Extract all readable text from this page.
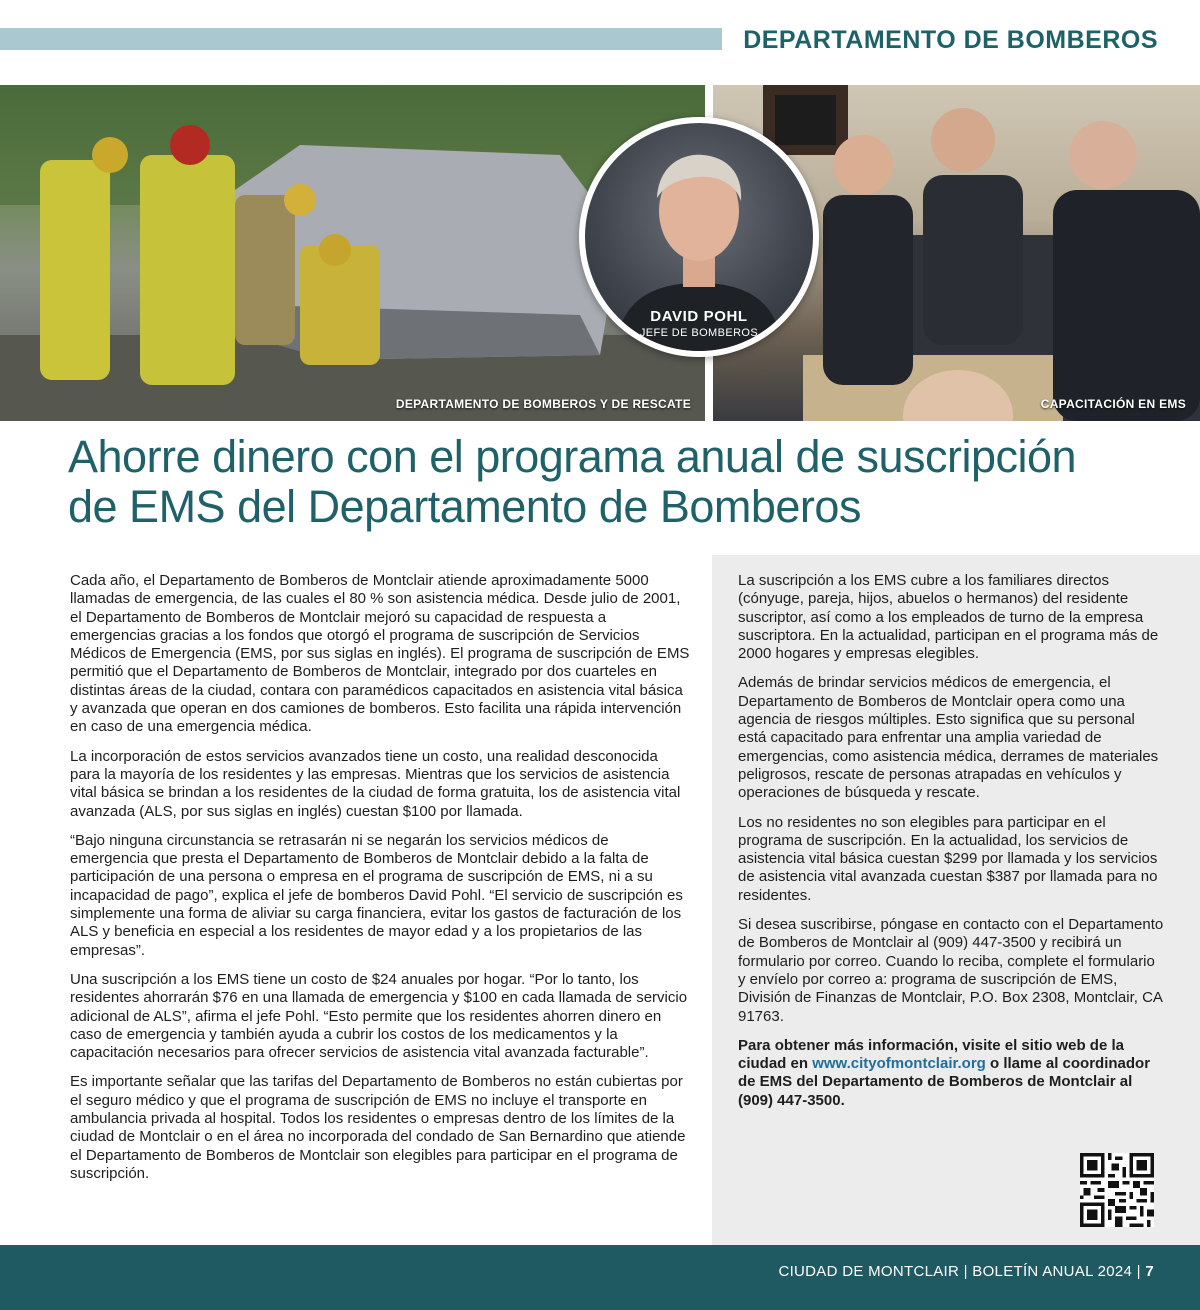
DEPARTAMENTO DE BOMBEROS
DEPARTAMENTO DE BOMBEROS Y DE RESCATE	CAPACITACIÓN EN EMS
DAVID POHL
JEFE DE BOMBEROS
Ahorre dinero con el programa anual de suscripción
de EMS del Departamento de Bomberos

Cada año, el Departamento de Bomberos de Montclair atiende aproximadamente 5000 llamadas de emergencia, de las cuales el 80 % son asistencia médica. Desde julio de 2001, el Departamento de Bomberos de Montclair mejoró su capacidad de respuesta a emergencias gracias a los fondos que otorgó el programa de suscripción de Servicios Médicos de Emergencia (EMS, por sus siglas en inglés). El programa de suscripción de EMS permitió que el Departamento de Bomberos de Montclair, integrado por dos cuarteles en distintas áreas de la ciudad, contara con paramédicos capacitados en asistencia vital básica y avanzada que operan en dos camiones de bomberos. Esto facilita una rápida intervención en caso de una emergencia médica.

La incorporación de estos servicios avanzados tiene un costo, una realidad desconocida para la mayoría de los residentes y las empresas. Mientras que los servicios de asistencia vital básica se brindan a los residentes de la ciudad de forma gratuita, los de asistencia vital avanzada (ALS, por sus siglas en inglés) cuestan $100 por llamada.

“Bajo ninguna circunstancia se retrasarán ni se negarán los servicios médicos de emergencia que presta el Departamento de Bomberos de Montclair debido a la falta de participación de una persona o empresa en el programa de suscripción de EMS, ni a su incapacidad de pago”, explica el jefe de bomberos David Pohl. “El servicio de suscripción es simplemente una forma de aliviar su carga financiera, evitar los gastos de facturación de los ALS y beneficia en especial a los residentes de mayor edad y a los propietarios de las empresas”.

Una suscripción a los EMS tiene un costo de $24 anuales por hogar. “Por lo tanto, los residentes ahorrarán $76 en una llamada de emergencia y $100 en cada llamada de servicio adicional de ALS”, afirma el jefe Pohl. “Esto permite que los residentes ahorren dinero en caso de emergencia y también ayuda a cubrir los costos de los medicamentos y la capacitación necesarios para ofrecer servicios de asistencia vital avanzada facturable”.

Es importante señalar que las tarifas del Departamento de Bomberos no están cubiertas por el seguro médico y que el programa de suscripción de EMS no incluye el transporte en ambulancia privada al hospital. Todos los residentes o empresas dentro de los límites de la ciudad de Montclair o en el área no incorporada del condado de San Bernardino que atiende el Departamento de Bomberos de Montclair son elegibles para participar en el programa de suscripción.

La suscripción a los EMS cubre a los familiares directos (cónyuge, pareja, hijos, abuelos o hermanos) del residente suscriptor, así como a los empleados de turno de la empresa suscriptora. En la actualidad, participan en el programa más de 2000 hogares y empresas elegibles.

Además de brindar servicios médicos de emergencia, el Departamento de Bomberos de Montclair opera como una agencia de riesgos múltiples. Esto significa que su personal está capacitado para enfrentar una amplia variedad de emergencias, como asistencia médica, derrames de materiales peligrosos, rescate de personas atrapadas en vehículos y operaciones de búsqueda y rescate.

Los no residentes no son elegibles para participar en el programa de suscripción. En la actualidad, los servicios de asistencia vital básica cuestan $299 por llamada y los servicios de asistencia vital avanzada cuestan $387 por llamada para no residentes.

Si desea suscribirse, póngase en contacto con el Departamento de Bomberos de Montclair al (909) 447-3500 y recibirá un formulario por correo. Cuando lo reciba, complete el formulario y envíelo por correo a: programa de suscripción de EMS, División de Finanzas de Montclair, P.O. Box 2308, Montclair, CA 91763.

Para obtener más información, visite el sitio web de la ciudad en www.cityofmontclair.org o llame al coordinador de EMS del Departamento de Bomberos de Montclair al (909) 447-3500.

CIUDAD DE MONTCLAIR | BOLETÍN ANUAL 2024 | 7
